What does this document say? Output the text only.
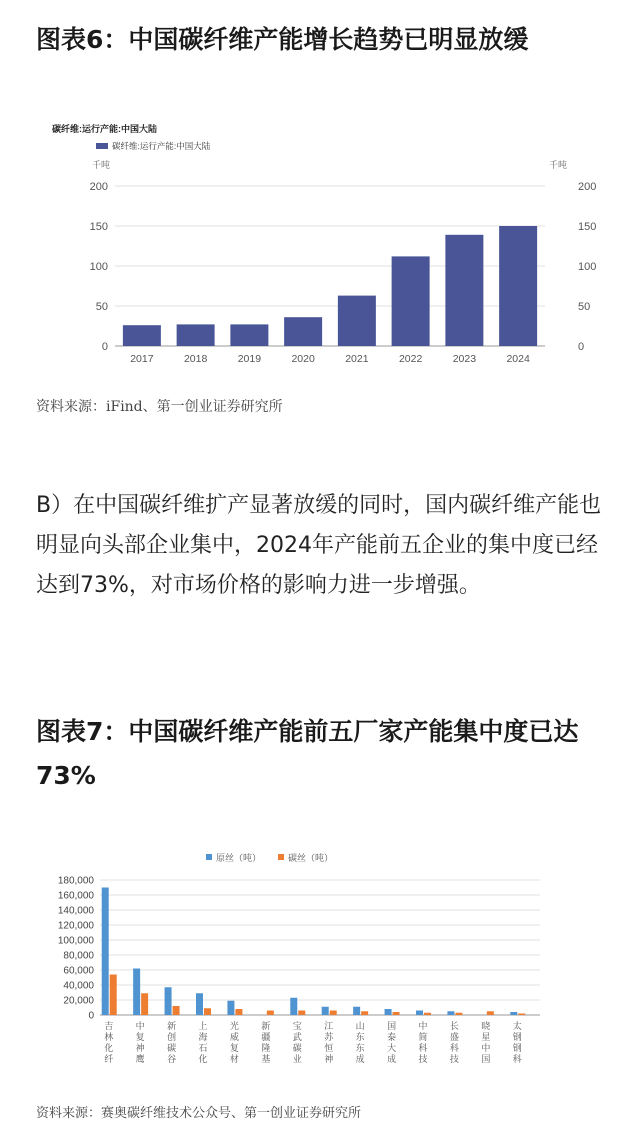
图表6：中国碳纤维产能增长趋势已明显放缓
碳纤维:运行产能:中国大陆
碳纤维:运行产能:中国大陆
千吨	千吨
0	0
50	50
100	100
150	150
200	200
2017	2018	2019	2020	2021	2022	2023	2024
资料来源：iFind、第一创业证券研究所
B）在中国碳纤维扩产显著放缓的同时，国内碳纤维产能也明显向头部企业集中，2024年产能前五企业的集中度已经达到73%，对市场价格的影响力进一步增强。
图表7：中国碳纤维产能前五厂家产能集中度已达73%
原丝（吨）	碳丝（吨）
0
20,000
40,000
60,000
80,000
100,000
120,000
140,000
160,000
180,000
吉林化纤
中复神鹰
新创碳谷
上海石化
光威复材
新疆隆基
宝武碳业
江苏恒神
山东东成
国泰大成
中简科技
长盛科技
晓星中国
太钢钢科
资料来源：赛奥碳纤维技术公众号、第一创业证券研究所
